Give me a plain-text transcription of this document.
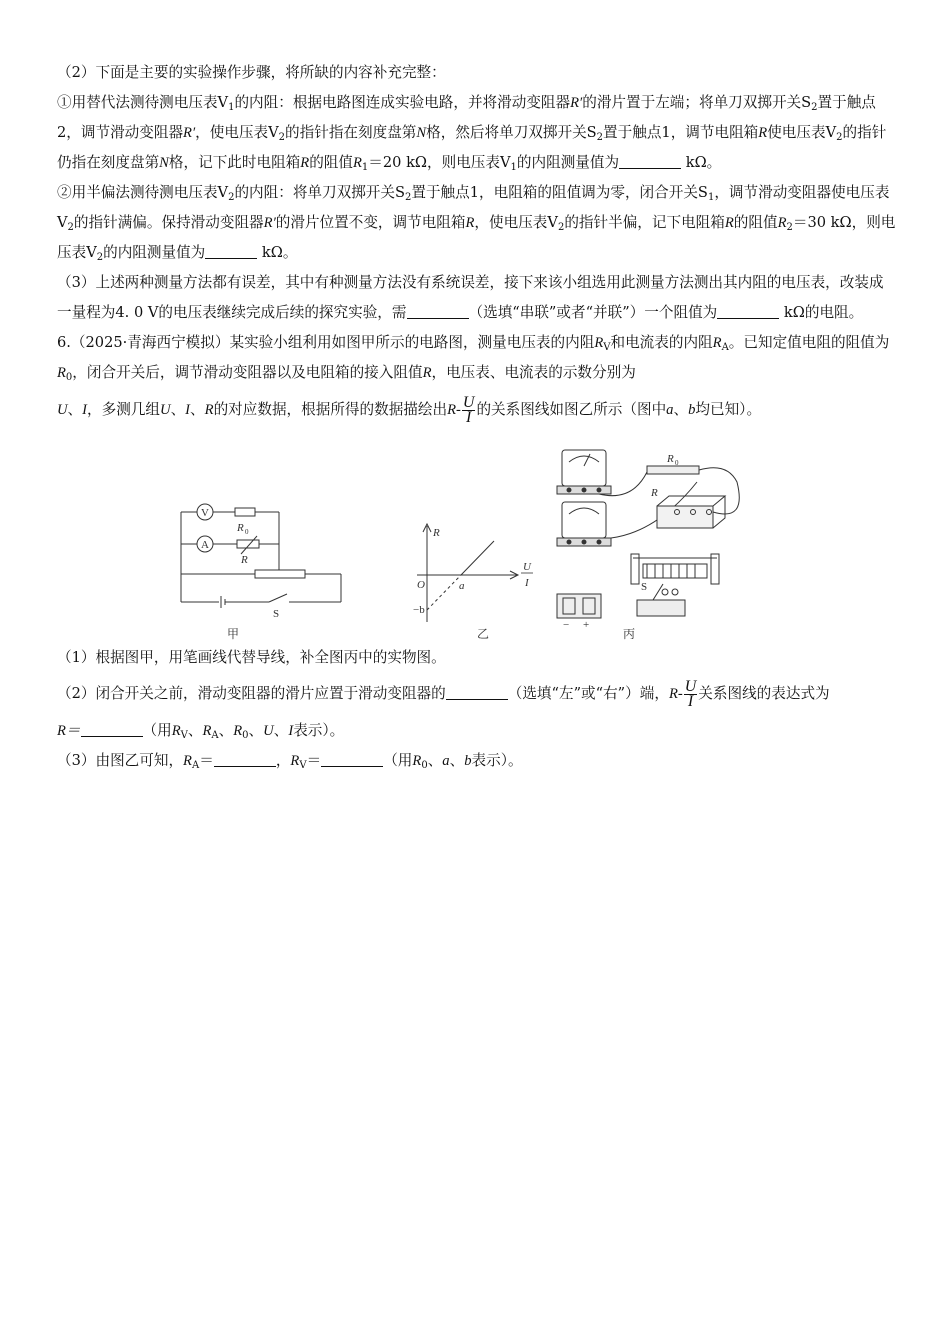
（2）下面是主要的实验操作步骤，将所缺的内容补充完整：

①用替代法测待测电压表$V_1$的内阻：根据电路图连成实验电路，并将滑动变阻器R′的滑片置于左端；将单刀双掷开关$S_2$置于触点2，调节滑动变阻器R′，使电压表$V_2$的指针指在刻度盘第N格，然后将单刀双掷开关$S_2$置于触点1，调节电阻箱R使电压表$V_2$的指针仍指在刻度盘第N格，记下此时电阻箱R的阻值$R_1=20$ kΩ，则电压表$V_1$的内阻测量值为	kΩ。

②用半偏法测待测电压表$V_2$的内阻：将单刀双掷开关$S_2$置于触点1，电阻箱的阻值调为零，闭合开关$S_1$，调节滑动变阻器使电压表$V_2$的指针满偏。保持滑动变阻器R′的滑片位置不变，调节电阻箱R，使电压表$V_2$的指针半偏，记下电阻箱R的阻值$R_2=30$ kΩ，则电压表$V_2$的内阻测量值为	kΩ。

（3）上述两种测量方法都有误差，其中有种测量方法没有系统误差，接下来该小组选用此测量方法测出其内阻的电压表，改装成一量程为4. 0 V的电压表继续完成后续的探究实验，需	（选填“串联”或者“并联”）一个阻值为	kΩ的电阻。

6.（2025·青海西宁模拟）某实验小组利用如图甲所示的电路图，测量电压表的内阻$R_V$和电流表的内阻$R_A$。已知定值电阻的阻值为$R_0$，闭合开关后，调节滑动变阻器以及电阻箱的接入阻值R，电压表、电流表的示数分别为
U、I，多测几组U、I、R的对应数据，根据所得的数据描绘出$R- \frac{U}{I}$ 的关系图线如图乙所示（图中a、b均已知）。

V
A
R 0
R
S
甲
R
O	a
−b
U
I
乙
R 0
R
S
− +
丙

（1）根据图甲，用笔画线代替导线，补全图丙中的实物图。

（2）闭合开关之前，滑动变阻器的滑片应置于滑动变阻器的	（选填“左”或“右”）端，$R- \frac{U}{I}$ 关系图线的表达式为

R＝	（用$R_V$、$R_A$、$R_0$、U、I表示）。

（3）由图乙可知，$R_A=$	，$R_V=$	（用$R_0$、a、b表示）。
